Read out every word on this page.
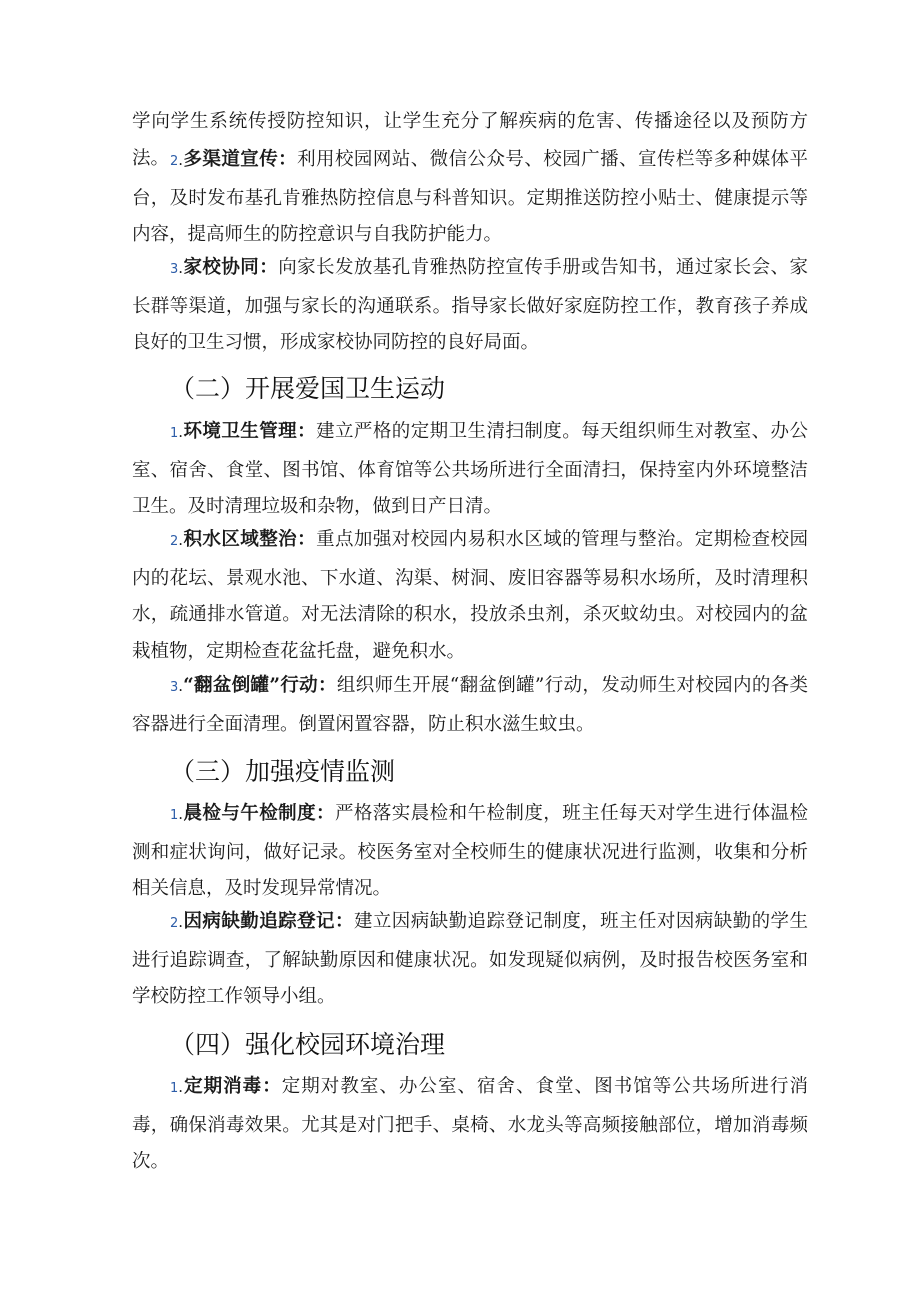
学向学生系统传授防控知识，让学生充分了解疾病的危害、传播途径以及预防方法。 2.多渠道宣传：利用校园网站、微信公众号、校园广播、宣传栏等多种媒体平台，及时发布基孔肯雅热防控信息与科普知识。定期推送防控小贴士、健康提示等内容，提高师生的防控意识与自我防护能力。

3.家校协同：向家长发放基孔肯雅热防控宣传手册或告知书，通过家长会、家长群等渠道，加强与家长的沟通联系。指导家长做好家庭防控工作，教育孩子养成良好的卫生习惯，形成家校协同防控的良好局面。

（二）开展爱国卫生运动

1.环境卫生管理：建立严格的定期卫生清扫制度。每天组织师生对教室、办公室、宿舍、食堂、图书馆、体育馆等公共场所进行全面清扫，保持室内外环境整洁卫生。及时清理垃圾和杂物，做到日产日清。

2.积水区域整治：重点加强对校园内易积水区域的管理与整治。定期检查校园内的花坛、景观水池、下水道、沟渠、树洞、废旧容器等易积水场所，及时清理积水，疏通排水管道。对无法清除的积水，投放杀虫剂，杀灭蚊幼虫。对校园内的盆栽植物，定期检查花盆托盘，避免积水。

3.“翻盆倒罐”行动：组织师生开展“翻盆倒罐”行动，发动师生对校园内的各类容器进行全面清理。倒置闲置容器，防止积水滋生蚊虫。

（三）加强疫情监测

1.晨检与午检制度：严格落实晨检和午检制度，班主任每天对学生进行体温检测和症状询问，做好记录。校医务室对全校师生的健康状况进行监测，收集和分析相关信息，及时发现异常情况。

2.因病缺勤追踪登记：建立因病缺勤追踪登记制度，班主任对因病缺勤的学生进行追踪调查，了解缺勤原因和健康状况。如发现疑似病例，及时报告校医务室和学校防控工作领导小组。

（四）强化校园环境治理

1.定期消毒：定期对教室、办公室、宿舍、食堂、图书馆等公共场所进行消毒，确保消毒效果。尤其是对门把手、桌椅、水龙头等高频接触部位，增加消毒频次。
